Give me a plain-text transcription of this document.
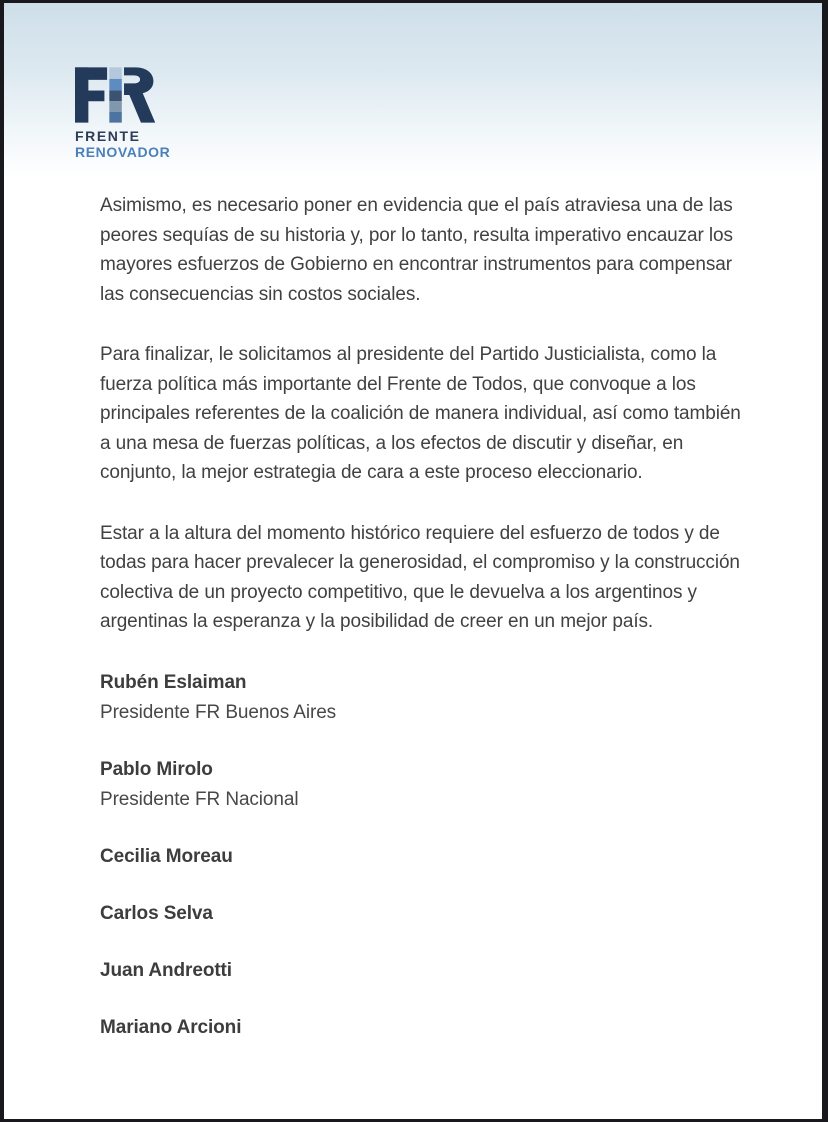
FRENTE
RENOVADOR

Asimismo, es necesario poner en evidencia que el país atraviesa una de las peores sequías de su historia y, por lo tanto, resulta imperativo encauzar los mayores esfuerzos de Gobierno en encontrar instrumentos para compensar las consecuencias sin costos sociales.

Para finalizar, le solicitamos al presidente del Partido Justicialista, como la fuerza política más importante del Frente de Todos, que convoque a los principales referentes de la coalición de manera individual, así como también a una mesa de fuerzas políticas, a los efectos de discutir y diseñar, en conjunto, la mejor estrategia de cara a este proceso eleccionario.

Estar a la altura del momento histórico requiere del esfuerzo de todos y de todas para hacer prevalecer la generosidad, el compromiso y la construcción colectiva de un proyecto competitivo, que le devuelva a los argentinos y argentinas la esperanza y la posibilidad de creer en un mejor país.

Rubén Eslaiman
Presidente FR Buenos Aires
Pablo Mirolo
Presidente FR Nacional
Cecilia Moreau
Carlos Selva
Juan Andreotti
Mariano Arcioni
